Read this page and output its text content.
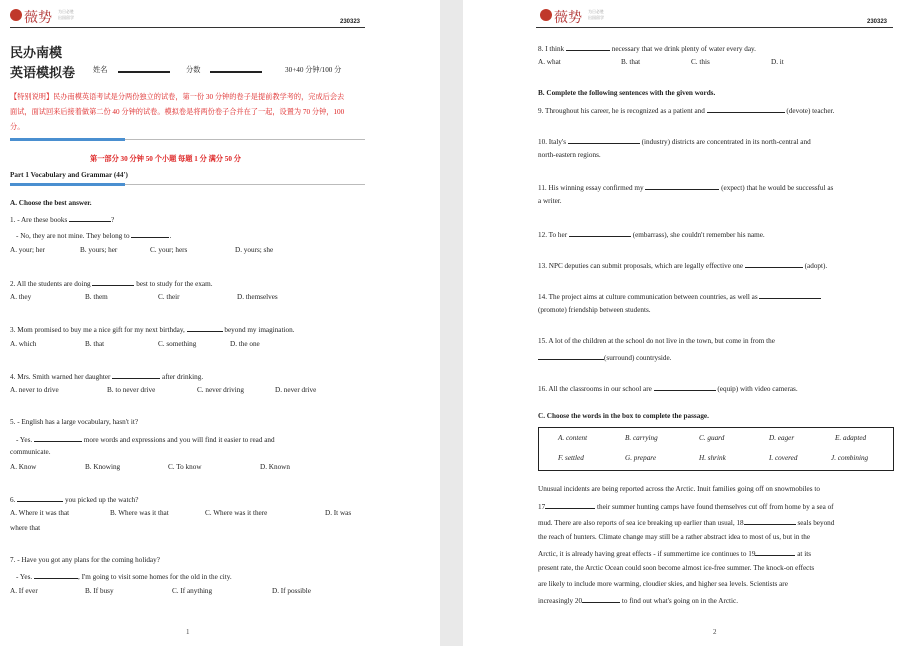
薇势 为日必胜
出国留学
230323
民办南模
英语模拟卷 姓名	分数	30+40 分钟/100 分
【特别说明】民办南模英语考试是分两份独立的试卷，第一份 30 分钟的卷子是提前教学考的，完成后会去
面试，面试回来后接着做第二份 40 分钟的试卷。模拟卷是将两份卷子合并在了一起，设置为 70 分钟，100
分。
第一部分 30 分钟 50 个小题 每题 1 分 满分 50 分
Part 1 Vocabulary and Grammar (44')
A. Choose the best answer.
1. - Are these books	?
- No, they are not mine. They belong to	.
A. your; her	B. yours; her	C. your; hers	D. yours; she
2. All the students are doing	best to study for the exam.
A. they	B. them	C. their	D. themselves
3. Mom promised to buy me a nice gift for my next birthday,	beyond my imagination.
A. which	B. that	C. something	D. the one
4. Mrs. Smith warned her daughter	after drinking.
A. never to drive	B. to never drive	C. never driving	D. never drive
5. - English has a large vocabulary, hasn't it?
- Yes.	more words and expressions and you will find it easier to read and
communicate.
A. Know	B. Knowing	C. To know	D. Known
6.	you picked up the watch?
A. Where it was that	B. Where was it that	C. Where was it there	D. It was
where that
7. - Have you got any plans for the coming holiday?
- Yes.	, I'm going to visit some homes for the old in the city.
A. If ever	B. If busy	C. If anything	D. If possible
1
薇势 为日必胜
出国留学
230323
8. I think	necessary that we drink plenty of water every day.
A. what	B. that	C. this	D. it
B. Complete the following sentences with the given words.
9. Throughout his career, he is recognized as a patient and	(devote) teacher.
10. Italy's	(industry) districts are concentrated in its north-central and
north-eastern regions.
11. His winning essay confirmed my	(expect) that he would be successful as
a writer.
12. To her	(embarrass), she couldn't remember his name.
13. NPC deputies can submit proposals, which are legally effective one	(adopt).
14. The project aims at culture communication between countries, as well as
(promote) friendship between students.
15. A lot of the children at the school do not live in the town, but come in from the
(surround) countryside.
16. All the classrooms in our school are	(equip) with video cameras.
C. Choose the words in the box to complete the passage.
A. content	B. carrying	C. guard	D. eager	E. adapted
F. settled	G. prepare	H. shrink	I. covered	J. combining
Unusual incidents are being reported across the Arctic. Inuit families going off on snowmobiles to
17	their summer hunting camps have found themselves cut off from home by a sea of
mud. There are also reports of sea ice breaking up earlier than usual, 18	seals beyond
the reach of hunters. Climate change may still be a rather abstract idea to most of us, but in the
Arctic, it is already having great effects - if summertime ice continues to 19	at its
present rate, the Arctic Ocean could soon become almost ice-free summer. The knock-on effects
are likely to include more warming, cloudier skies, and higher sea levels. Scientists are
increasingly 20	to find out what's going on in the Arctic.
2
